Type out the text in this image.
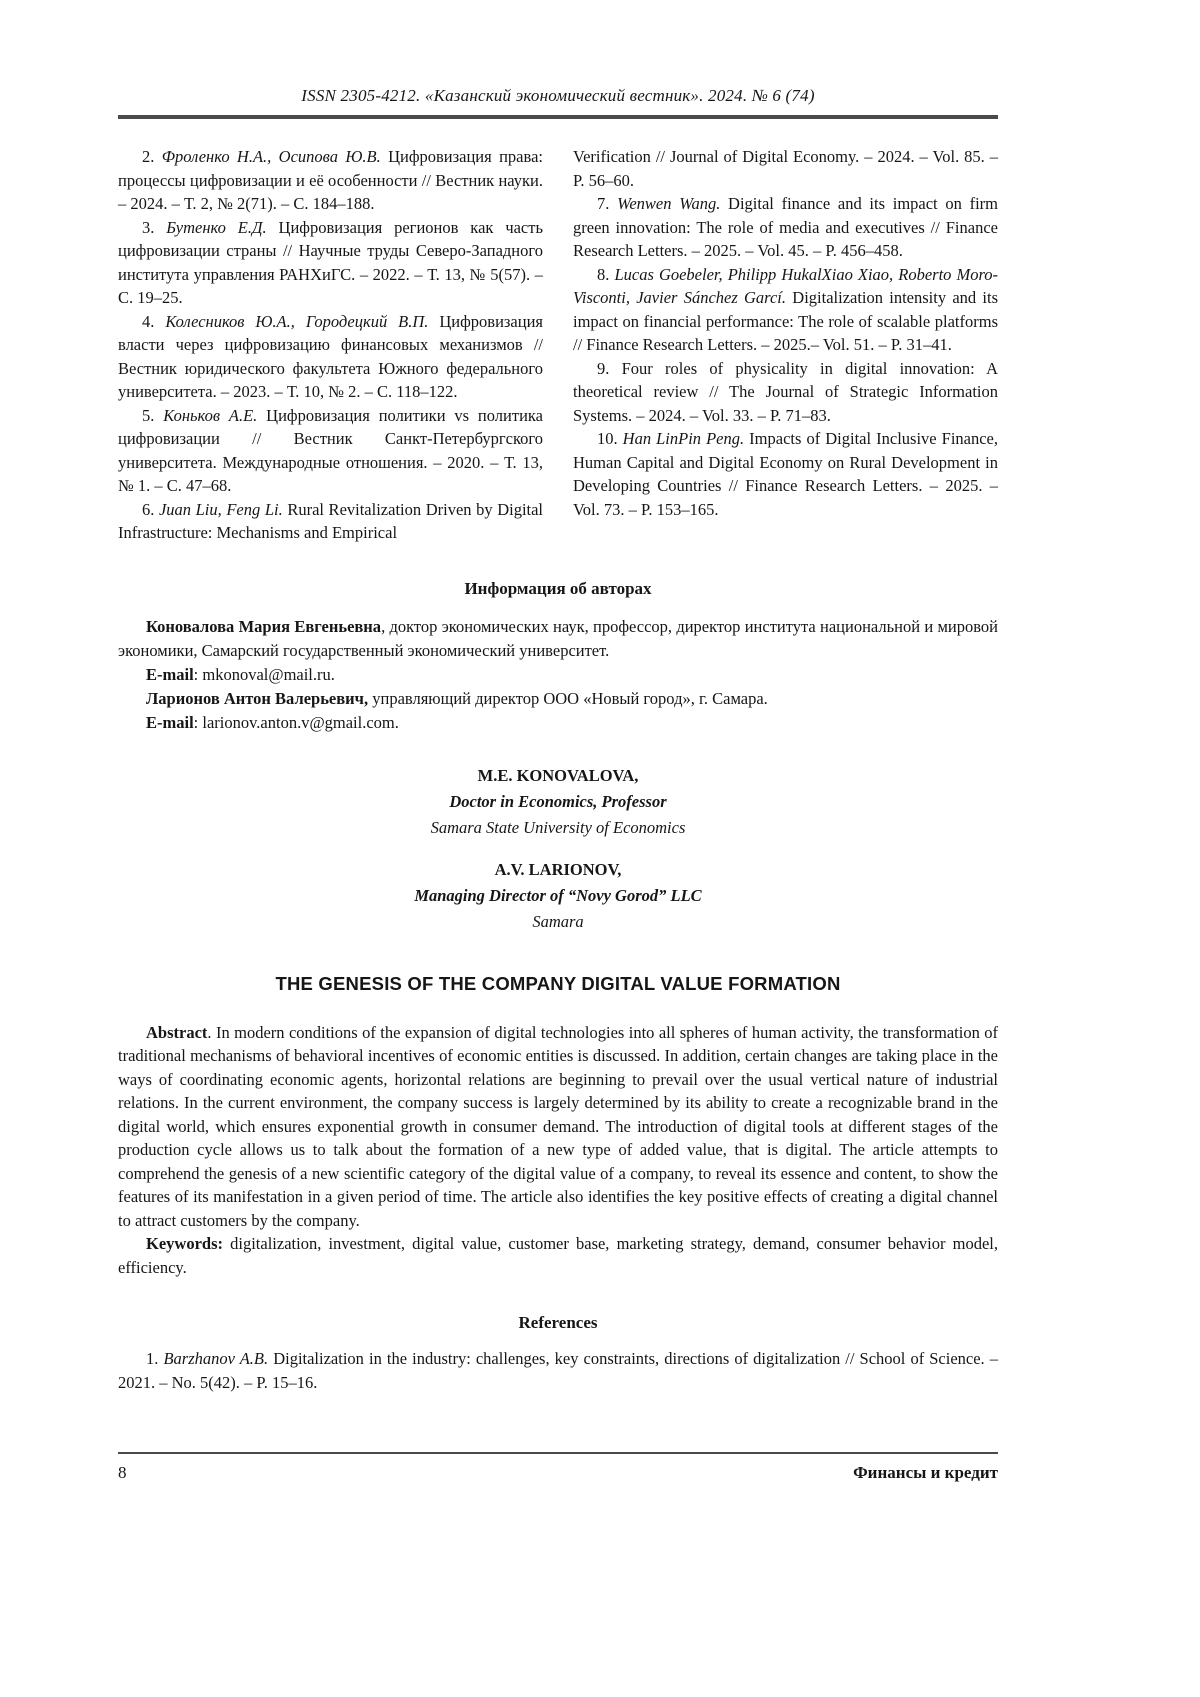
ISSN 2305-4212. «Казанский экономический вестник». 2024. № 6 (74)

2. Фроленко Н.А., Осипова Ю.В. Цифровизация права: процессы цифровизации и её особенности // Вестник науки. – 2024. – Т. 2, № 2(71). – С. 184–188.

3. Бутенко Е.Д. Цифровизация регионов как часть цифровизации страны // Научные труды Северо-Западного института управления РАНХиГС. – 2022. – Т. 13, № 5(57). – С. 19–25.

4. Колесников Ю.А., Городецкий В.П. Цифровизация власти через цифровизацию финансовых механизмов // Вестник юридического факультета Южного федерального университета. – 2023. – Т. 10, № 2. – С. 118–122.

5. Коньков А.Е. Цифровизация политики vs политика цифровизации // Вестник Санкт-Петербургского университета. Международные отношения. – 2020. – Т. 13, № 1. – С. 47–68.

6. Juan Liu, Feng Li. Rural Revitalization Driven by Digital Infrastructure: Mechanisms and Empirical

Verification // Journal of Digital Economy. – 2024. – Vol. 85. – P. 56–60.

7. Wenwen Wang. Digital finance and its impact on firm green innovation: The role of media and executives // Finance Research Letters. – 2025. – Vol. 45. – P. 456–458.

8. Lucas Goebeler, Philipp HukalXiao Xiao, Roberto Moro-Visconti, Javier Sánchez Garcí. Digitalization intensity and its impact on financial performance: The role of scalable platforms // Finance Research Letters. – 2025.– Vol. 51. – P. 31–41.

9. Four roles of physicality in digital innovation: A theoretical review // The Journal of Strategic Information Systems. – 2024. – Vol. 33. – P. 71–83.

10. Han LinPin Peng. Impacts of Digital Inclusive Finance, Human Capital and Digital Economy on Rural Development in Developing Countries // Finance Research Letters. – 2025. – Vol. 73. – P. 153–165.

Информация об авторах

Коновалова Мария Евгеньевна, доктор экономических наук, профессор, директор института национальной и мировой экономики, Самарский государственный экономический университет.

E-mail: mkonoval@mail.ru.

Ларионов Антон Валерьевич, управляющий директор ООО «Новый город», г. Самара.

E-mail: larionov.anton.v@gmail.com.

M.E. KONOVALOVA,
Doctor in Economics, Professor
Samara State University of Economics
A.V. LARIONOV,
Managing Director of “Novy Gorod” LLC
Samara
THE GENESIS OF THE COMPANY DIGITAL VALUE FORMATION

Abstract. In modern conditions of the expansion of digital technologies into all spheres of human activity, the transformation of traditional mechanisms of behavioral incentives of economic entities is discussed. In addition, certain changes are taking place in the ways of coordinating economic agents, horizontal relations are beginning to prevail over the usual vertical nature of industrial relations. In the current environment, the company success is largely determined by its ability to create a recognizable brand in the digital world, which ensures exponential growth in consumer demand. The introduction of digital tools at different stages of the production cycle allows us to talk about the formation of a new type of added value, that is digital. The article attempts to comprehend the genesis of a new scientific category of the digital value of a company, to reveal its essence and content, to show the features of its manifestation in a given period of time. The article also identifies the key positive effects of creating a digital channel to attract customers by the company.

Keywords: digitalization, investment, digital value, customer base, marketing strategy, demand, consumer behavior model, efficiency.

References

1. Barzhanov A.B. Digitalization in the industry: challenges, key constraints, directions of digitalization // School of Science. – 2021. – No. 5(42). – P. 15–16.

8	Финансы и кредит
